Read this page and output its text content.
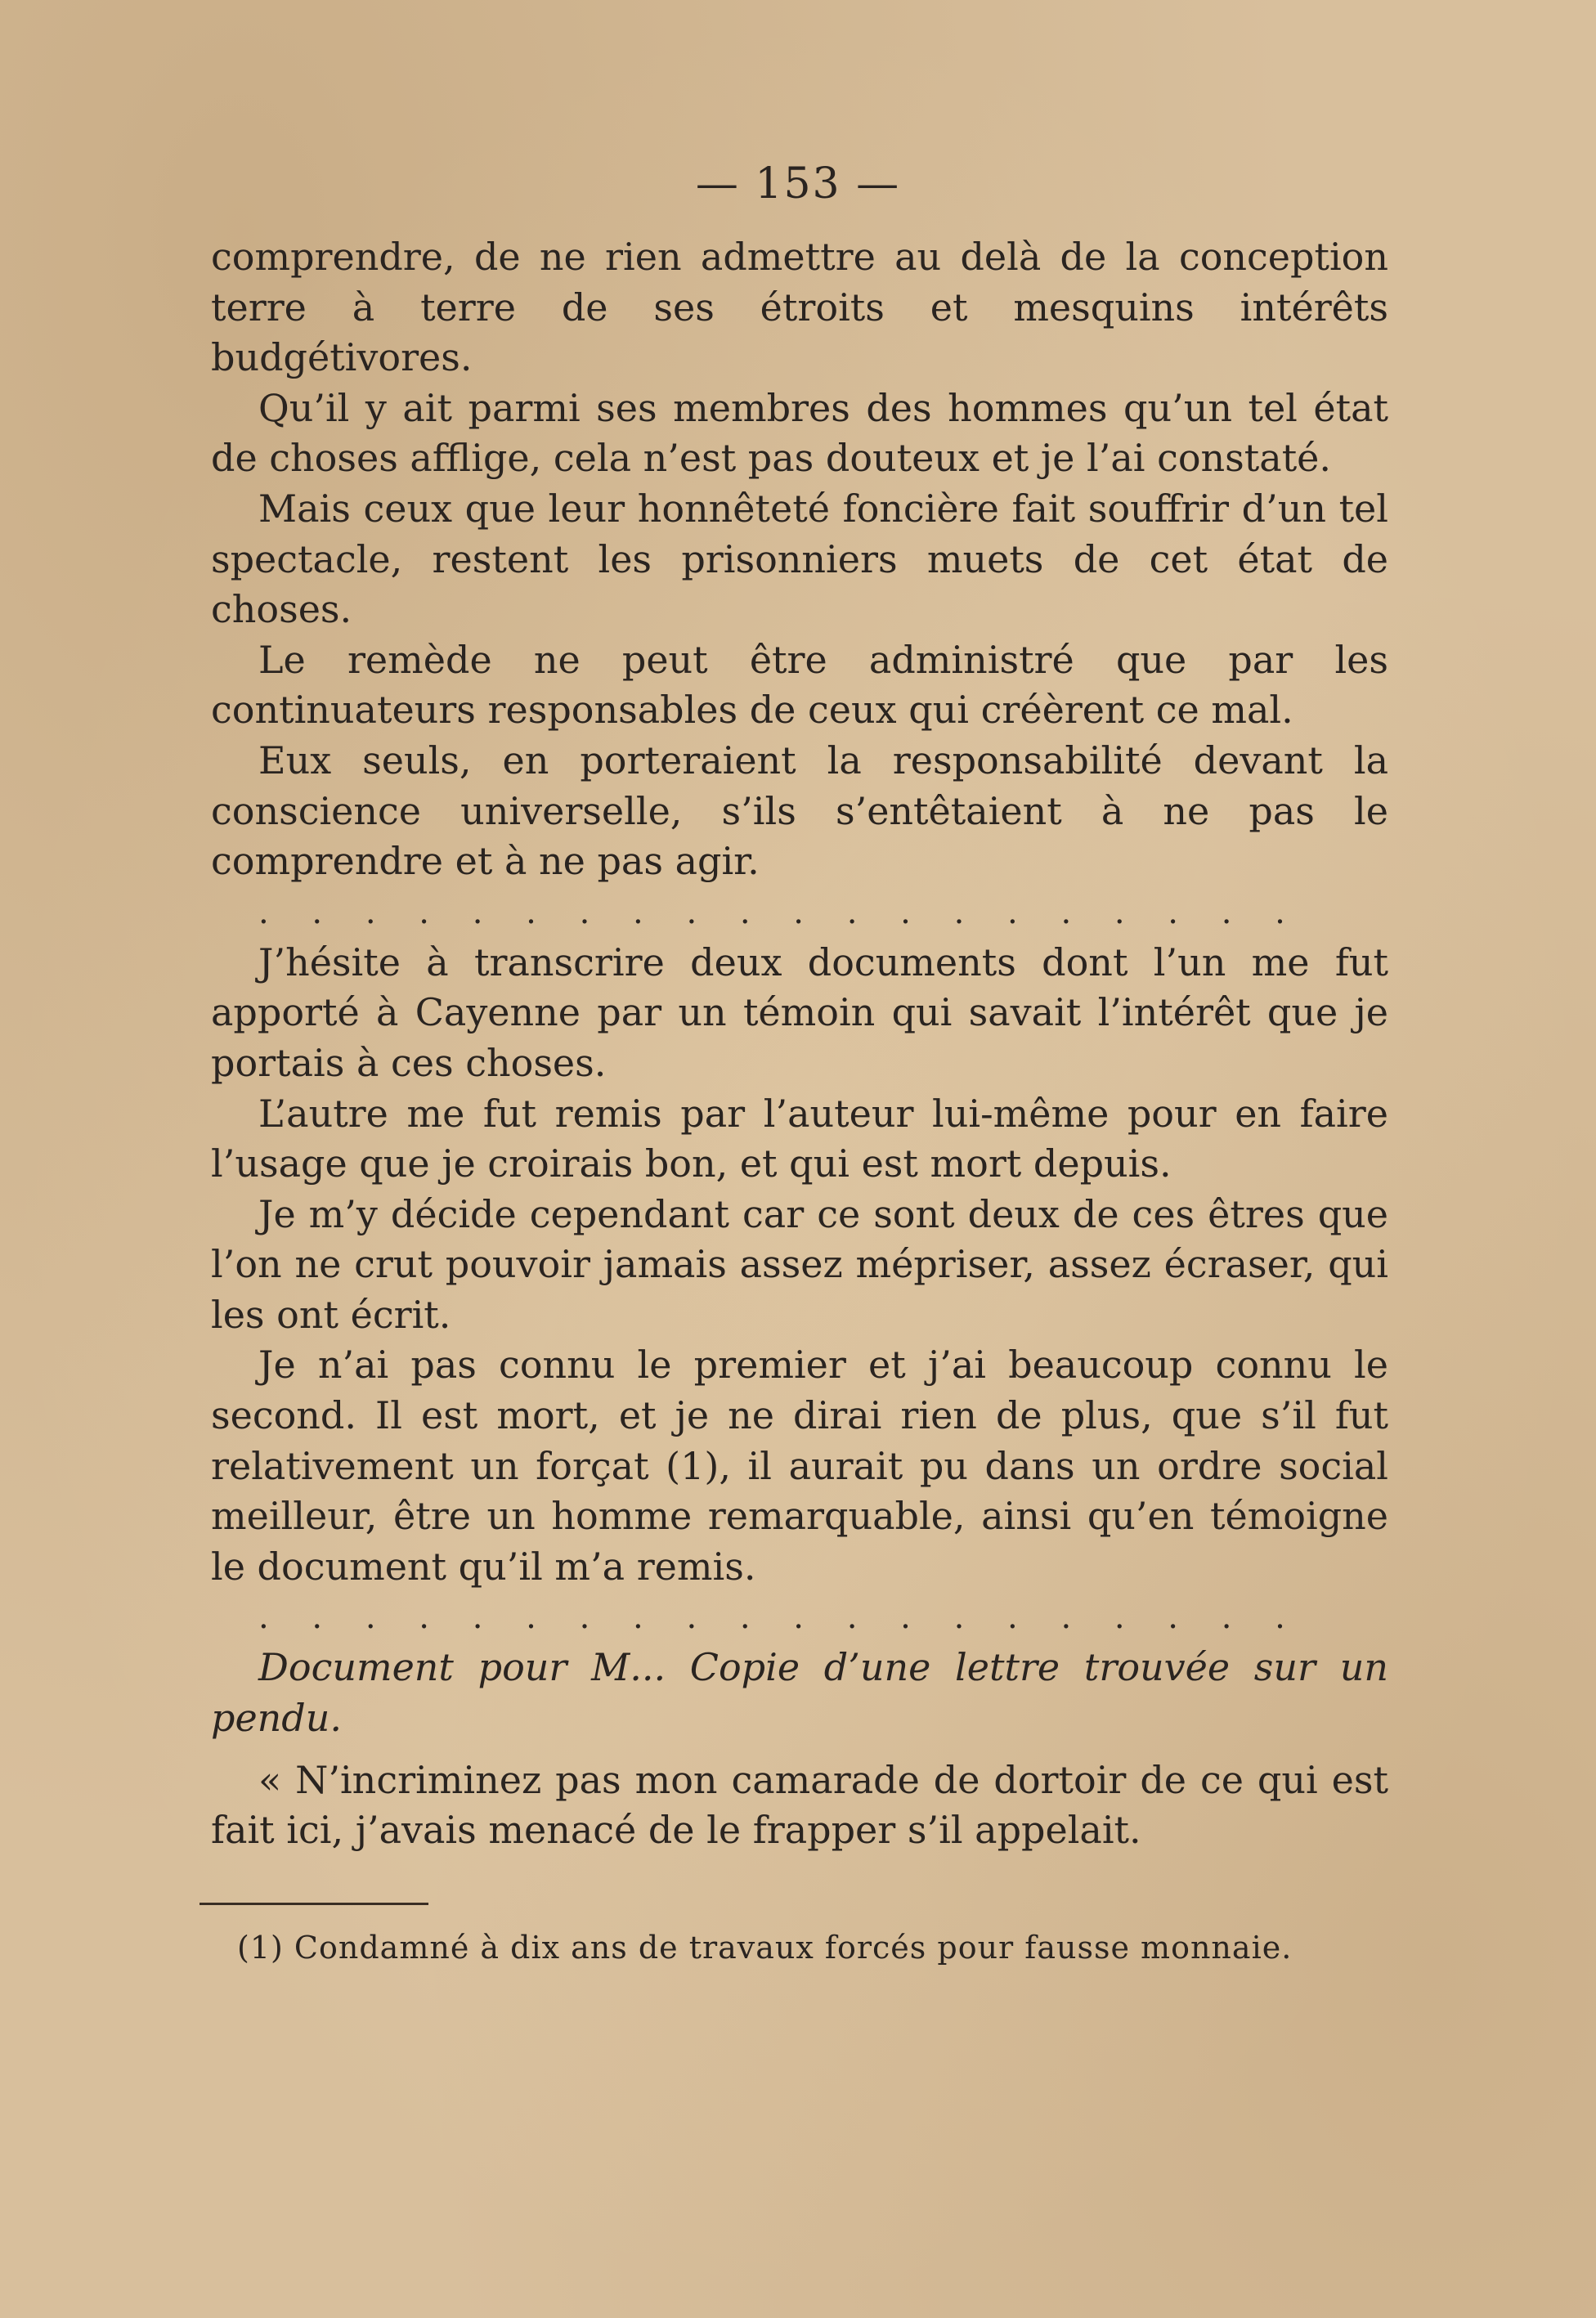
— 153 —

comprendre, de ne rien admettre au delà de la conception terre à terre de ses étroits et mesquins intérêts budgétivores.

Qu’il y ait parmi ses membres des hommes qu’un tel état de choses afflige, cela n’est pas douteux et je l’ai constaté.

Mais ceux que leur honnêteté foncière fait souffrir d’un tel spectacle, restent les prisonniers muets de cet état de choses.

Le remède ne peut être administré que par les continuateurs responsables de ceux qui créèrent ce mal.

Eux seuls, en porteraient la responsabilité devant la conscience universelle, s’ils s’entêtaient à ne pas le comprendre et à ne pas agir.

. . . . . . . . . . . . . . . . . . . .

J’hésite à transcrire deux documents dont l’un me fut apporté à Cayenne par un témoin qui savait l’intérêt que je portais à ces choses.

L’autre me fut remis par l’auteur lui-même pour en faire l’usage que je croirais bon, et qui est mort depuis.

Je m’y décide cependant car ce sont deux de ces êtres que l’on ne crut pouvoir jamais assez mépriser, assez écraser, qui les ont écrit.

Je n’ai pas connu le premier et j’ai beaucoup connu le second. Il est mort, et je ne dirai rien de plus, que s’il fut relativement un forçat (1), il aurait pu dans un ordre social meilleur, être un homme remarquable, ainsi qu’en témoigne le document qu’il m’a remis.

. . . . . . . . . . . . . . . . . . . .

Document pour M... Copie d’une lettre trouvée sur un pendu.

« N’incriminez pas mon camarade de dortoir de ce qui est fait ici, j’avais menacé de le frapper s’il appelait.

(1) Condamné à dix ans de travaux forcés pour fausse monnaie.
